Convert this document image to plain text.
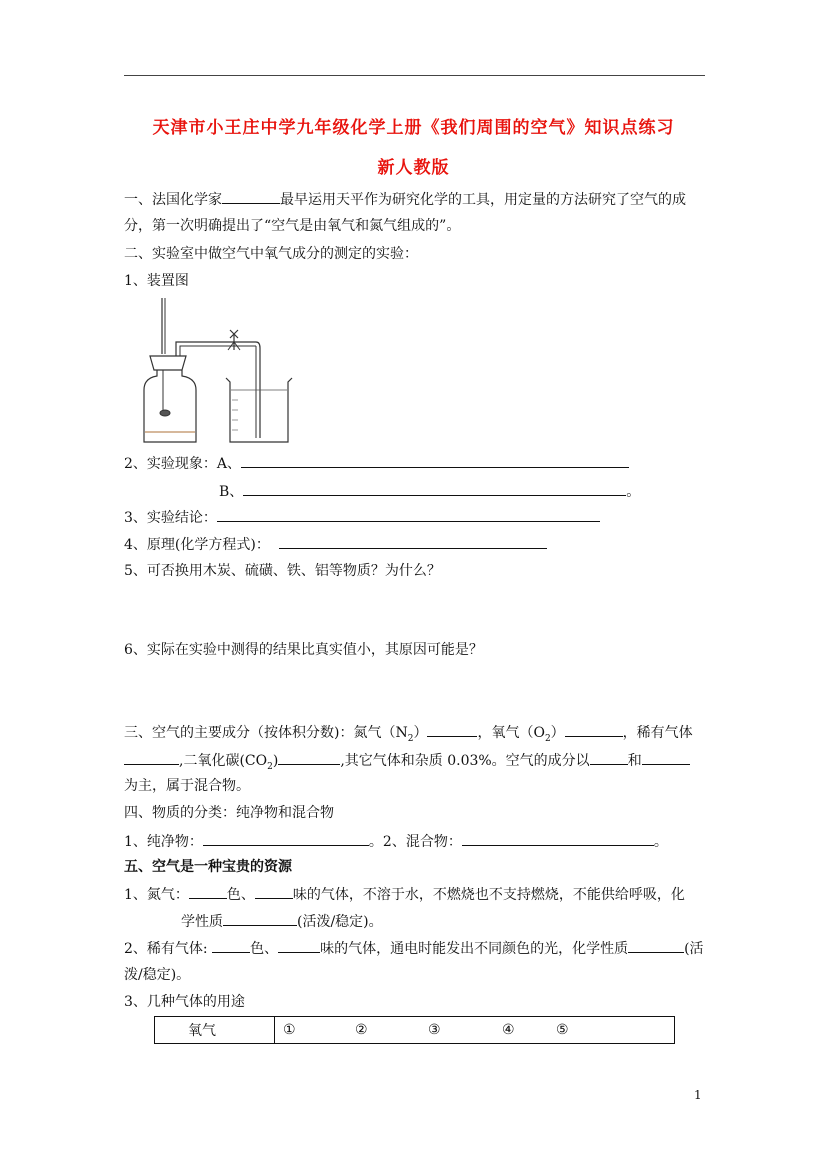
天津市小王庄中学九年级化学上册《我们周围的空气》知识点练习
新人教版
一、法国化学家	最早运用天平作为研究化学的工具，用定量的方法研究了空气的成
分，第一次明确提出了“空气是由氧气和氮气组成的”。
二、实验室中做空气中氧气成分的测定的实验：
1、装置图
2、实验现象：A、
B、	。
3、实验结论：
4、原理(化学方程式)：
5、可否换用木炭、硫磺、铁、铝等物质？为什么？
6、实际在实验中测得的结果比真实值小，其原因可能是？
三、空气的主要成分（按体积分数)：氮气$(N_2)$	，氧气$(O_2)$	，稀有气体
,二氧化碳$(CO_2)$	,其它气体和杂质 0.03%。空气的成分以	和
为主，属于混合物。
四、物质的分类：纯净物和混合物
1、纯净物：	。2、混合物：	。
五、空气是一种宝贵的资源
1、氮气：	色、	味的气体，不溶于水，不燃烧也不支持燃烧，不能供给呼吸，化
学性质	(活泼/稳定)。
2、稀有气体:	色、	味的气体，通电时能发出不同颜色的光，化学性质	(活
泼/稳定)。
3、几种气体的用途
氧气	①	②	③	④	⑤
1
